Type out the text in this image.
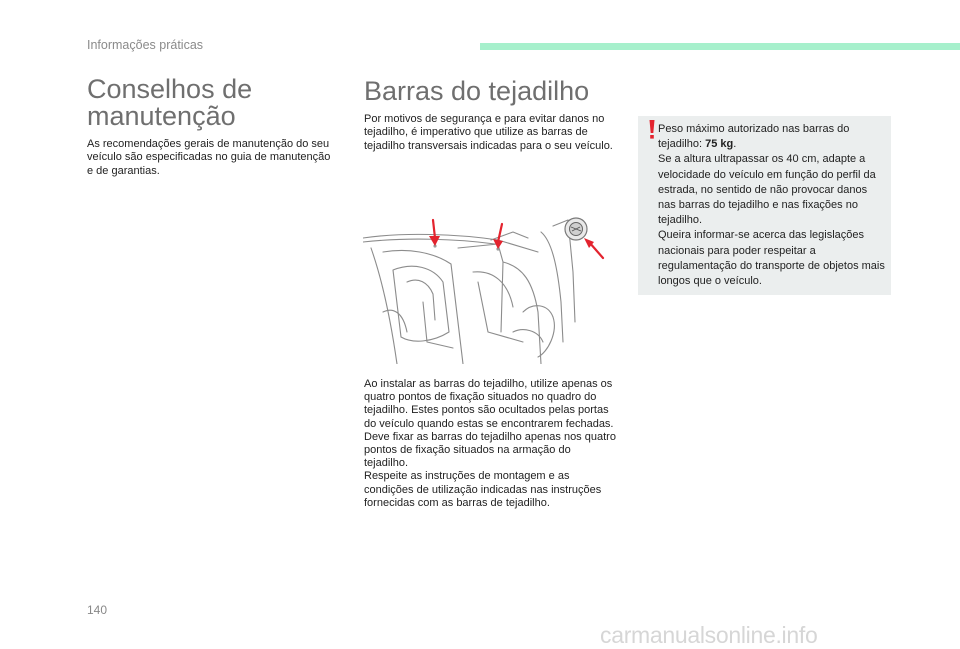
Informações práticas
Conselhos de manutenção

As recomendações gerais de manutenção do seu veículo são especificadas no guia de manutenção e de garantias.

Barras do tejadilho

Por motivos de segurança e para evitar danos no tejadilho, é imperativo que utilize as barras de tejadilho transversais indicadas para o seu veículo.

Ao instalar as barras do tejadilho, utilize apenas os quatro pontos de fixação situados no quadro do tejadilho. Estes pontos são ocultados pelas portas do veículo quando estas se encontrarem fechadas.
Deve fixar as barras do tejadilho apenas nos quatro pontos de fixação situados na armação do tejadilho.
Respeite as instruções de montagem e as condições de utilização indicadas nas instruções fornecidas com as barras de tejadilho.
Peso máximo autorizado nas barras do tejadilho: 75 kg.
Se a altura ultrapassar os 40 cm, adapte a velocidade do veículo em função do perfil da estrada, no sentido de não provocar danos nas barras do tejadilho e nas fixações no tejadilho.
Queira informar-se acerca das legislações nacionais para poder respeitar a regulamentação do transporte de objetos mais longos que o veículo.
140
carmanualsonline.info
